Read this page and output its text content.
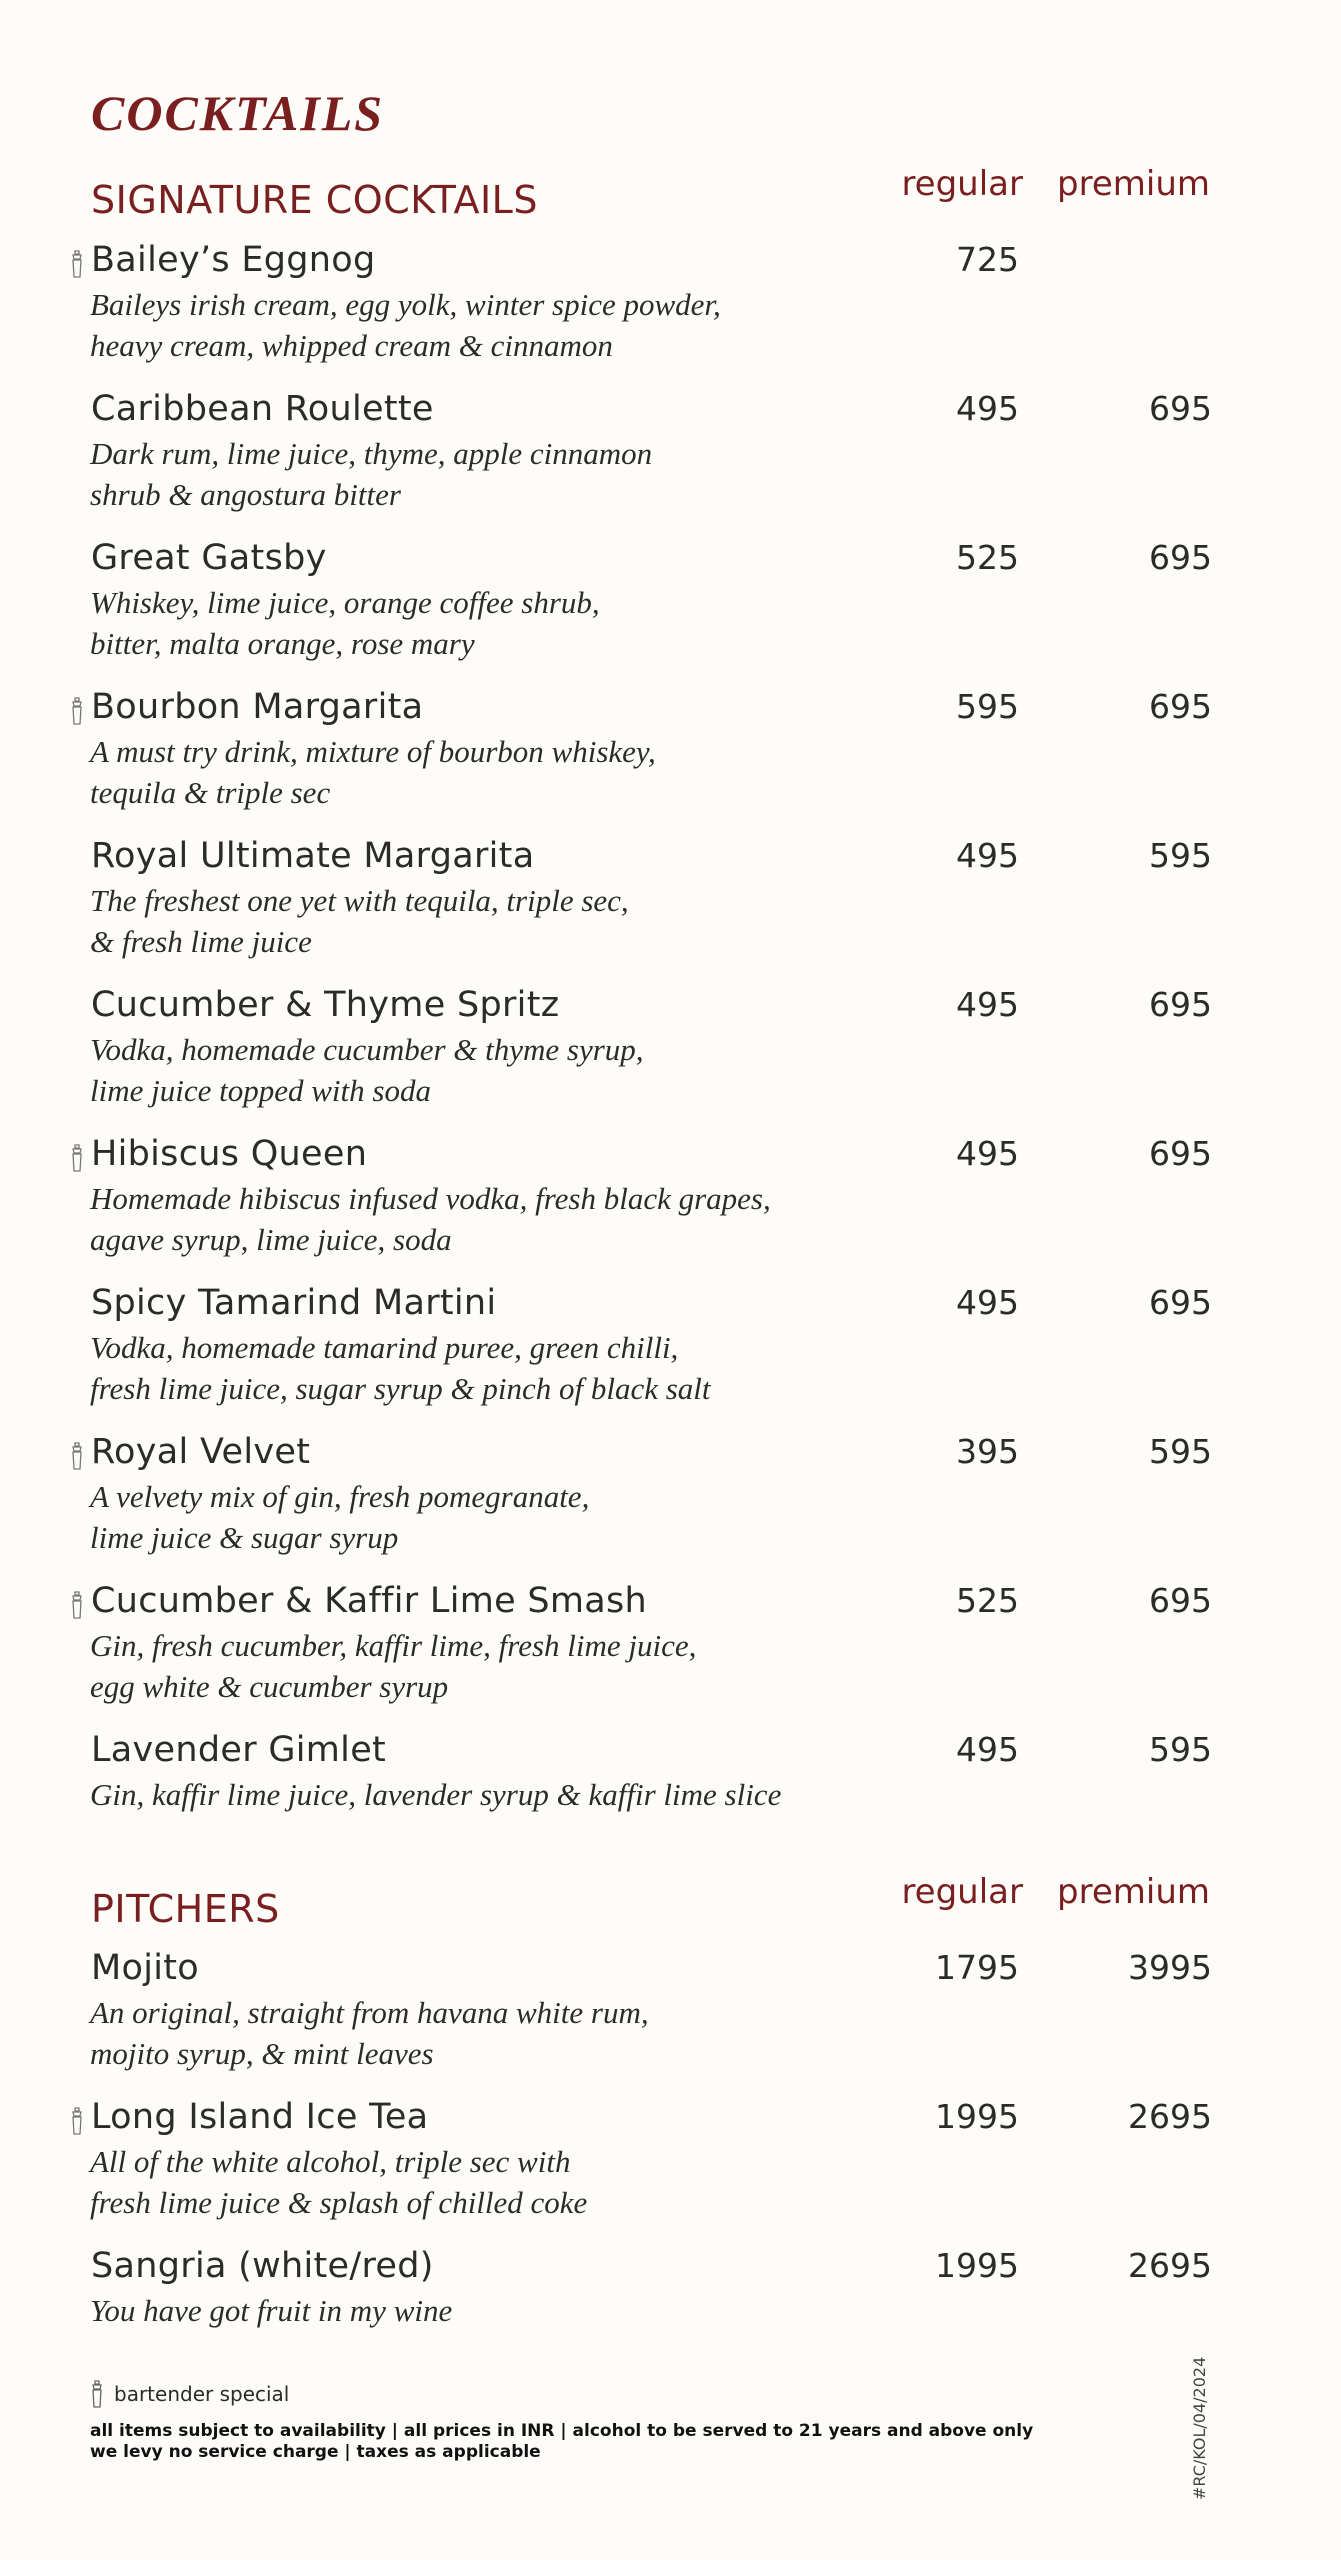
COCKTAILS
SIGNATURE COCKTAILS	regular premium
Bailey’s Eggnog
Baileys irish cream, egg yolk, winter spice powder,
heavy cream, whipped cream & cinnamon
725
Caribbean Roulette
Dark rum, lime juice, thyme, apple cinnamon
shrub & angostura bitter
495	695
Great Gatsby
Whiskey, lime juice, orange coffee shrub,
bitter, malta orange, rose mary
525	695
Bourbon Margarita
A must try drink, mixture of bourbon whiskey,
tequila & triple sec
595	695
Royal Ultimate Margarita
The freshest one yet with tequila, triple sec,
& fresh lime juice
495	595
Cucumber & Thyme Spritz
Vodka, homemade cucumber & thyme syrup,
lime juice topped with soda
495	695
Hibiscus Queen
Homemade hibiscus infused vodka, fresh black grapes,
agave syrup, lime juice, soda
495	695
Spicy Tamarind Martini
Vodka, homemade tamarind puree, green chilli,
fresh lime juice, sugar syrup & pinch of black salt
495	695
Royal Velvet
A velvety mix of gin, fresh pomegranate,
lime juice & sugar syrup
395	595
Cucumber & Kaffir Lime Smash
Gin, fresh cucumber, kaffir lime, fresh lime juice,
egg white & cucumber syrup
525	695
Lavender Gimlet
Gin, kaffir lime juice, lavender syrup & kaffir lime slice
495	595
PITCHERS	regular premium
Mojito
An original, straight from havana white rum,
mojito syrup, & mint leaves
1795	3995
Long Island Ice Tea
All of the white alcohol, triple sec with
fresh lime juice & splash of chilled coke
1995	2695
Sangria (white/red)
You have got fruit in my wine
1995	2695
bartender special
all items subject to availability | all prices in INR | alcohol to be served to 21 years and above only
we levy no service charge | taxes as applicable	#RC/KOL/04/2024
